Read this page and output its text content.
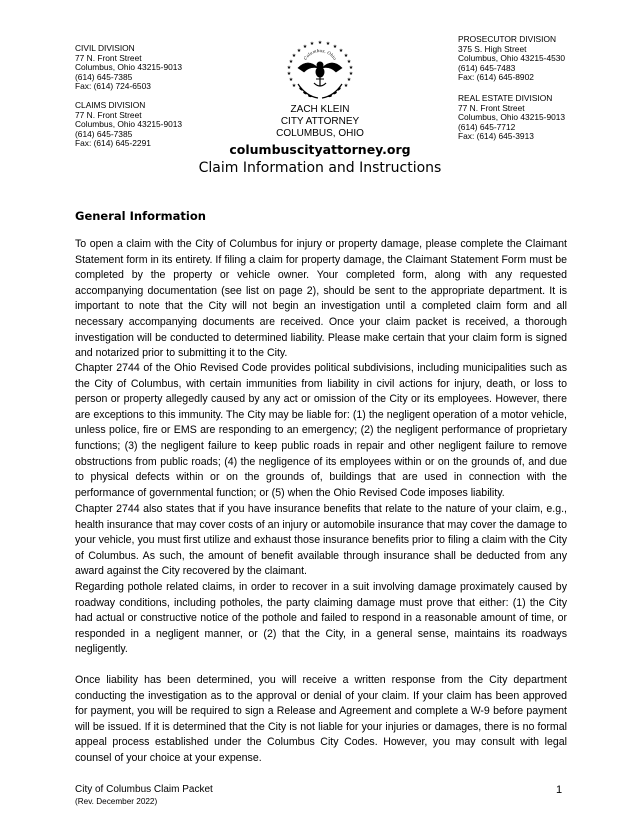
CIVIL DIVISION
77 N. Front Street
Columbus, Ohio 43215-9013
(614) 645-7385
Fax: (614) 724-6503
CLAIMS DIVISION
77 N. Front Street
Columbus, Ohio 43215-9013
(614) 645-7385
Fax: (614) 645-2291
PROSECUTOR DIVISION
375 S. High Street
Columbus, Ohio 43215-4530
(614) 645-7483
Fax: (614) 645-8902
REAL ESTATE DIVISION
77 N. Front Street
Columbus, Ohio 43215-9013
(614) 645-7712
Fax: (614) 645-3913
★
★ ★
★	★
★	★
★	★
★	★
★	★
★	★
★	★
★	★
Columbus, Ohio
ZACH KLEIN
CITY ATTORNEY
COLUMBUS, OHIO
columbuscityattorney.org
Claim Information and Instructions
General Information

To open a claim with the City of Columbus for injury or property damage, please complete the Claimant Statement form in its entirety. If filing a claim for property damage, the Claimant Statement Form must be completed by the property or vehicle owner. Your completed form, along with any requested accompanying documentation (see list on page 2), should be sent to the appropriate department. It is important to note that the City will not begin an investigation until a completed claim form and all necessary accompanying documents are received. Once your claim packet is received, a thorough investigation will be conducted to determined liability. Please make certain that your claim form is signed and notarized prior to submitting it to the City.

Chapter 2744 of the Ohio Revised Code provides political subdivisions, including municipalities such as the City of Columbus, with certain immunities from liability in civil actions for injury, death, or loss to person or property allegedly caused by any act or omission of the City or its employees. However, there are exceptions to this immunity. The City may be liable for: (1) the negligent operation of a motor vehicle, unless police, fire or EMS are responding to an emergency; (2) the negligent performance of proprietary functions; (3) the negligent failure to keep public roads in repair and other negligent failure to remove obstructions from public roads; (4) the negligence of its employees within or on the grounds of, and due to physical defects within or on the grounds of, buildings that are used in connection with the performance of governmental function; or (5) when the Ohio Revised Code imposes liability.

Chapter 2744 also states that if you have insurance benefits that relate to the nature of your claim, e.g., health insurance that may cover costs of an injury or automobile insurance that may cover the damage to your vehicle, you must first utilize and exhaust those insurance benefits prior to filing a claim with the City of Columbus. As such, the amount of benefit available through insurance shall be deducted from any award against the City recovered by the claimant.

Regarding pothole related claims, in order to recover in a suit involving damage proximately caused by roadway conditions, including potholes, the party claiming damage must prove that either: (1) the City had actual or constructive notice of the pothole and failed to respond in a reasonable amount of time, or responded in a negligent manner, or (2) that the City, in a general sense, maintains its roadways negligently.

Once liability has been determined, you will receive a written response from the City department conducting the investigation as to the approval or denial of your claim. If your claim has been approved for payment, you will be required to sign a Release and Agreement and complete a W-9 before payment will be issued. If it is determined that the City is not liable for your injuries or damages, there is no formal appeal process established under the Columbus City Codes. However, you may consult with legal counsel of your choice at your expense.

City of Columbus Claim Packet
(Rev. December 2022)
1
